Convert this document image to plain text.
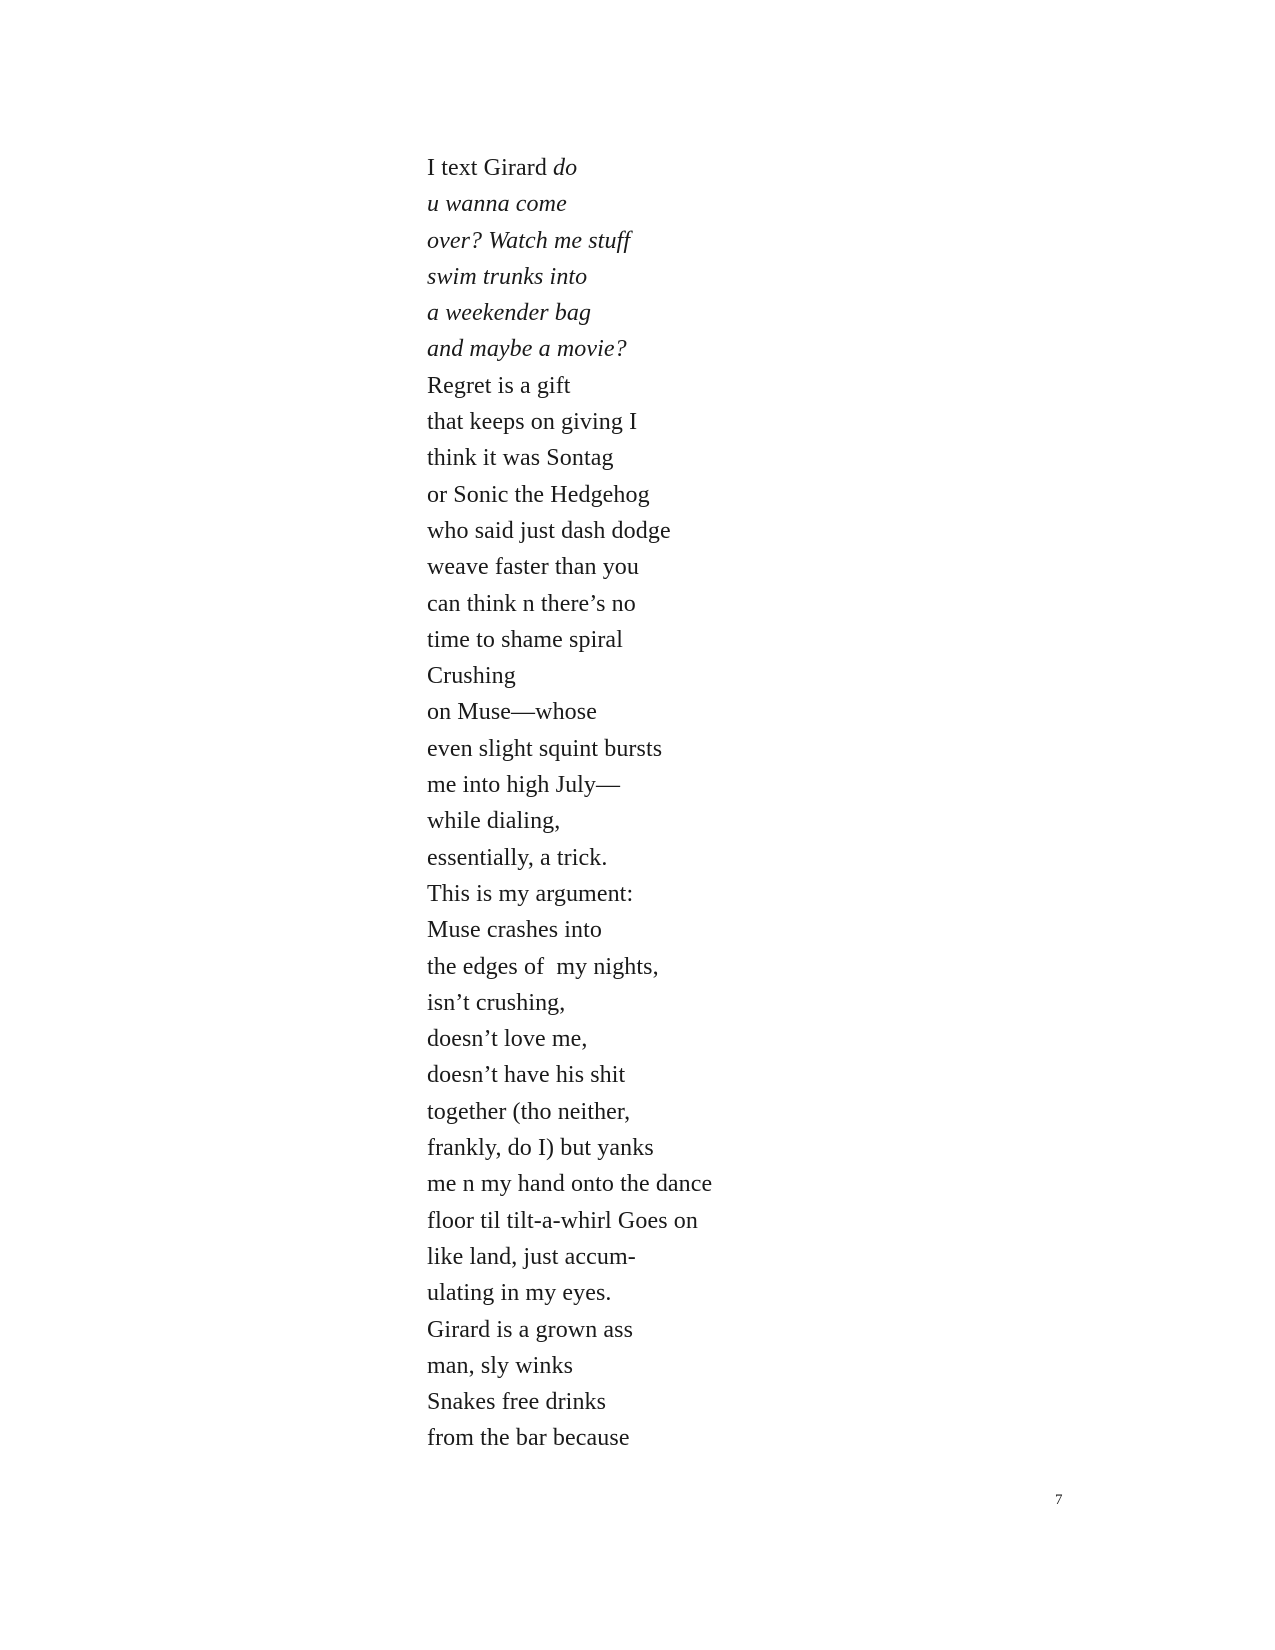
I text Girard do
u wanna come
over? Watch me stuff
swim trunks into
a weekender bag
and maybe a movie?
Regret is a gift
that keeps on giving I
think it was Sontag
or Sonic the Hedgehog
who said just dash dodge
weave faster than you
can think n there’s no
time to shame spiral
Crushing
on Muse—whose
even slight squint bursts
me into high July—
while dialing,
essentially, a trick.
This is my argument:
Muse crashes into
the edges of  my nights,
isn’t crushing,
doesn’t love me,
doesn’t have his shit
together (tho neither,
frankly, do I) but yanks
me n my hand onto the dance
floor til tilt-a-whirl Goes on
like land, just accum-
ulating in my eyes.
Girard is a grown ass
man, sly winks
Snakes free drinks
from the bar because
7
